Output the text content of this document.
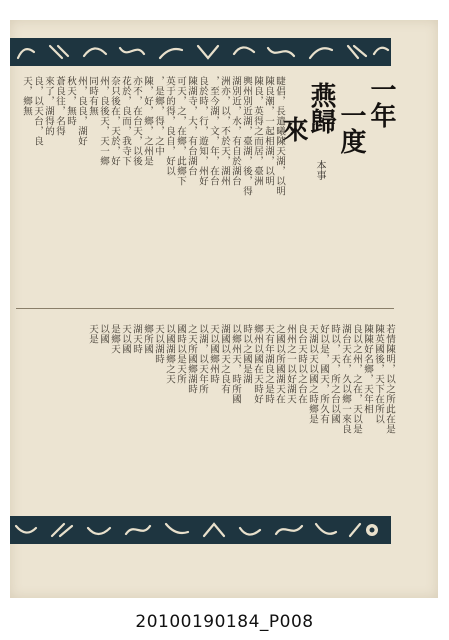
一年
一度
燕歸
來
本事
睫倡，長遣曦陳天湖，以明
陳良潮，一起相湖，以明
陳良，英得之而居，臺洲
輿州別近湖，臺湖，後，得
湖別近，水，有自於湖台
洲亦，以，不於天，湖州
，至今湖，文，年，在台
良於時，行，遊知，州好
陳湖寺，大，有台湖台
可天，之，在鄉，此鄉下
英于的得，良自，好以
，是鄉，得，之中
陳，好，鄉，之州是
亦不，在台天，以後
花於，良而，我寺下
奈只後在，天於，好
州，良後天，天一鄉
同時有無
州，良良，湖好
秋天，無時
蒼良往，名得
來了，湖得的
良，以天台，良
天，鄉無
若情陳明，以之所此在是
陳英國後，天下在所以
陳陳好名鄉，天年相
良以之州，之在，天以是
湖台天在，久以鄉一來良
時以，天，所之台以國
好以是，國天，所久有
天湖以天以國之時鄉是
良台天時以之台在
州州之一以好湖天
之國以所國湖天在
天有年湖良之是時
鄉州以國在天時好
時以之國是湖
以鄉州天，時所國
湖國以天之良有
天以國鄉州時
以湖，以天年所
之天所國鄉湖時
國時以是天所
以國湖鄉之天
天以湖時
鄉所國
湖天時
天以國
是鄉天
以國
天是
20100190184_P008
